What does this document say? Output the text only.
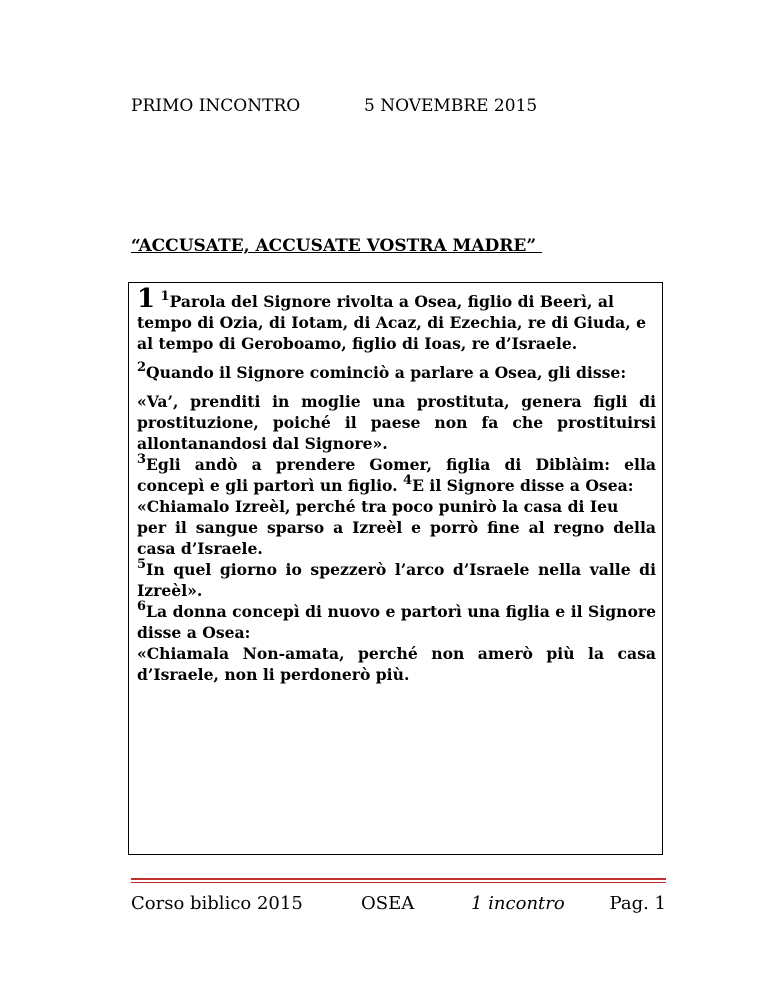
PRIMO INCONTRO	5 NOVEMBRE 2015
“ACCUSATE, ACCUSATE VOSTRA MADRE”

1 $^1$Parola del Signore rivolta a Osea, figlio di Beerì, al tempo di Ozia, di Iotam, di Acaz, di Ezechia, re di Giuda, e al tempo di Geroboamo, figlio di Ioas, re d’Israele.

$^2$Quando il Signore cominciò a parlare a Osea, gli disse:

«Va’, prenditi in moglie una prostituta, genera figli di prostituzione, poiché il paese non fa che prostituirsi allontanandosi dal Signore».

$^3$Egli andò a prendere Gomer, figlia di Diblàim: ella concepì e gli partorì un figlio. $^4$E il Signore disse a Osea:

«Chiamalo Izreèl, perché tra poco punirò la casa di Ieu

per il sangue sparso a Izreèl e porrò fine al regno della casa d’Israele.

$^5$In quel giorno io spezzerò l’arco d’Israele nella valle di Izreèl».

$^6$La donna concepì di nuovo e partorì una figlia e il Signore disse a Osea:

«Chiamala Non-amata, perché non amerò più la casa d’Israele, non li perdonerò più.

Corso biblico 2015	OSEA	1 incontro Pag. 1
